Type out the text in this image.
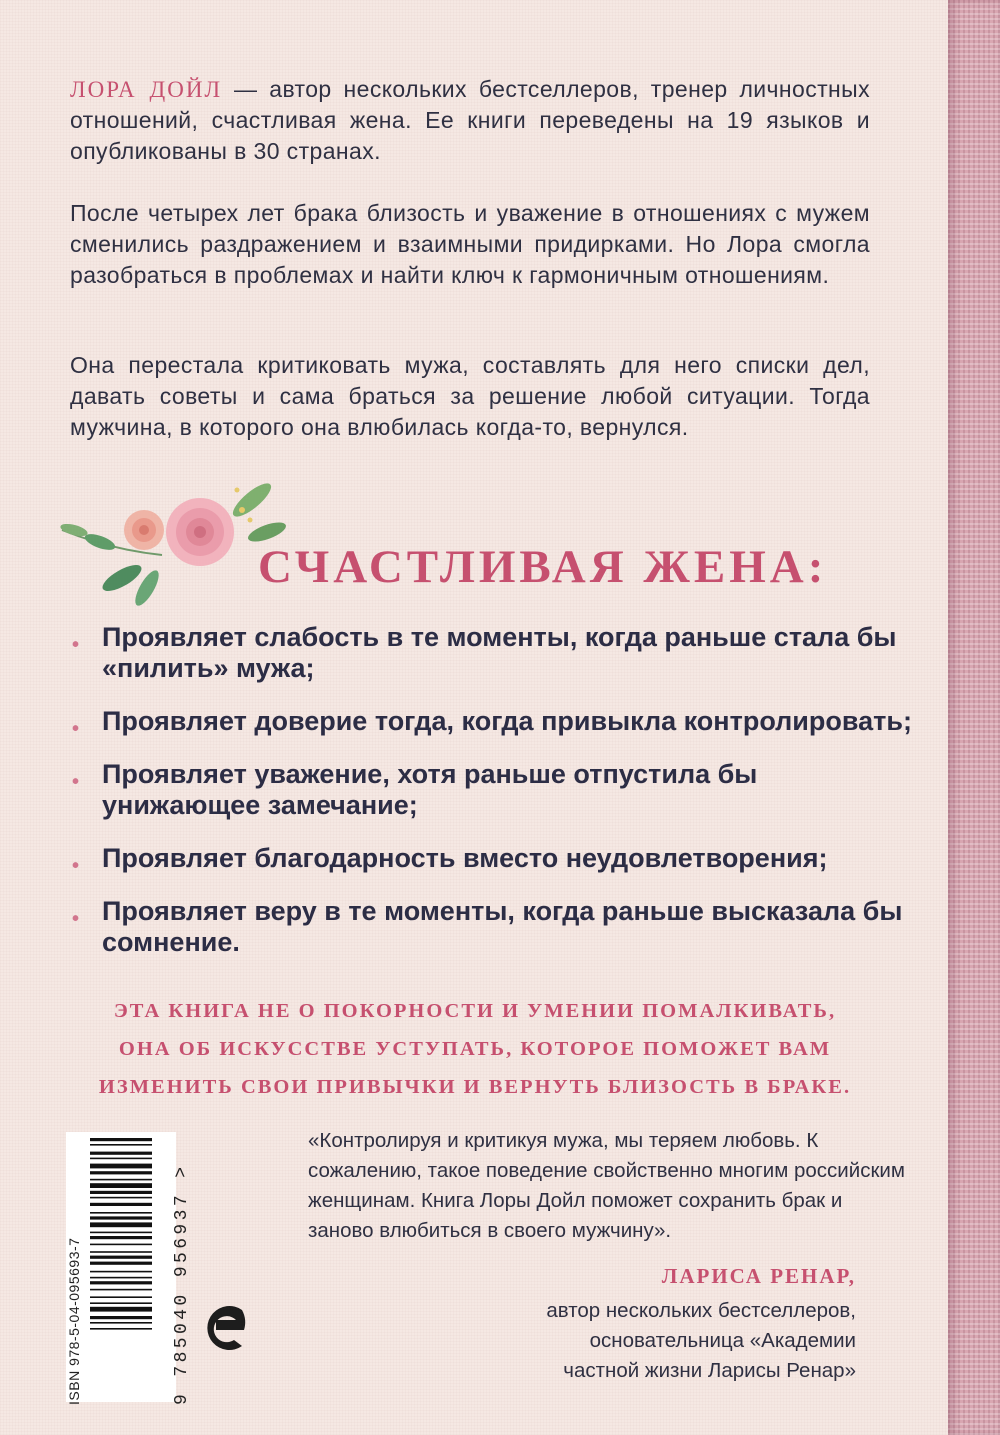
ЛОРА ДОЙЛ — автор нескольких бестселлеров, тренер личностных отношений, счастливая жена. Ее книги переведены на 19 языков и опубликованы в 30 странах.

После четырех лет брака близость и уважение в отношениях с мужем сменились раздражением и взаимными придирками. Но Лора смогла разобраться в проблемах и найти ключ к гармоничным отношениям.

Она перестала критиковать мужа, составлять для него списки дел, давать советы и сама браться за решение любой ситуации. Тогда мужчина, в которого она влюбилась когда-то, вернулся.

СЧАСТЛИВАЯ ЖЕНА:
• Проявляет слабость в те моменты, когда раньше стала бы «пилить» мужа;
• Проявляет доверие тогда, когда привыкла контролировать;
• Проявляет уважение, хотя раньше отпустила бы унижающее замечание;
• Проявляет благодарность вместо неудовлетворения;
• Проявляет веру в те моменты, когда раньше высказала бы сомнение.

ЭТА КНИГА НЕ О ПОКОРНОСТИ И УМЕНИИ ПОМАЛКИВАТЬ,
ОНА ОБ ИСКУССТВЕ УСТУПАТЬ, КОТОРОЕ ПОМОЖЕТ ВАМ
ИЗМЕНИТЬ СВОИ ПРИВЫЧКИ И ВЕРНУТЬ БЛИЗОСТЬ В БРАКЕ.

«Контролируя и критикуя мужа, мы теряем любовь. К сожалению, такое поведение свойственно многим российским женщинам. Книга Лоры Дойл поможет сохранить брак и заново влюбиться в своего мужчину».

ЛАРИСА РЕНАР,

автор нескольких бестселлеров,
основательница «Академии
частной жизни Ларисы Ренар»

ISBN 978-5-04-095693-7	9 785040 956937 >
